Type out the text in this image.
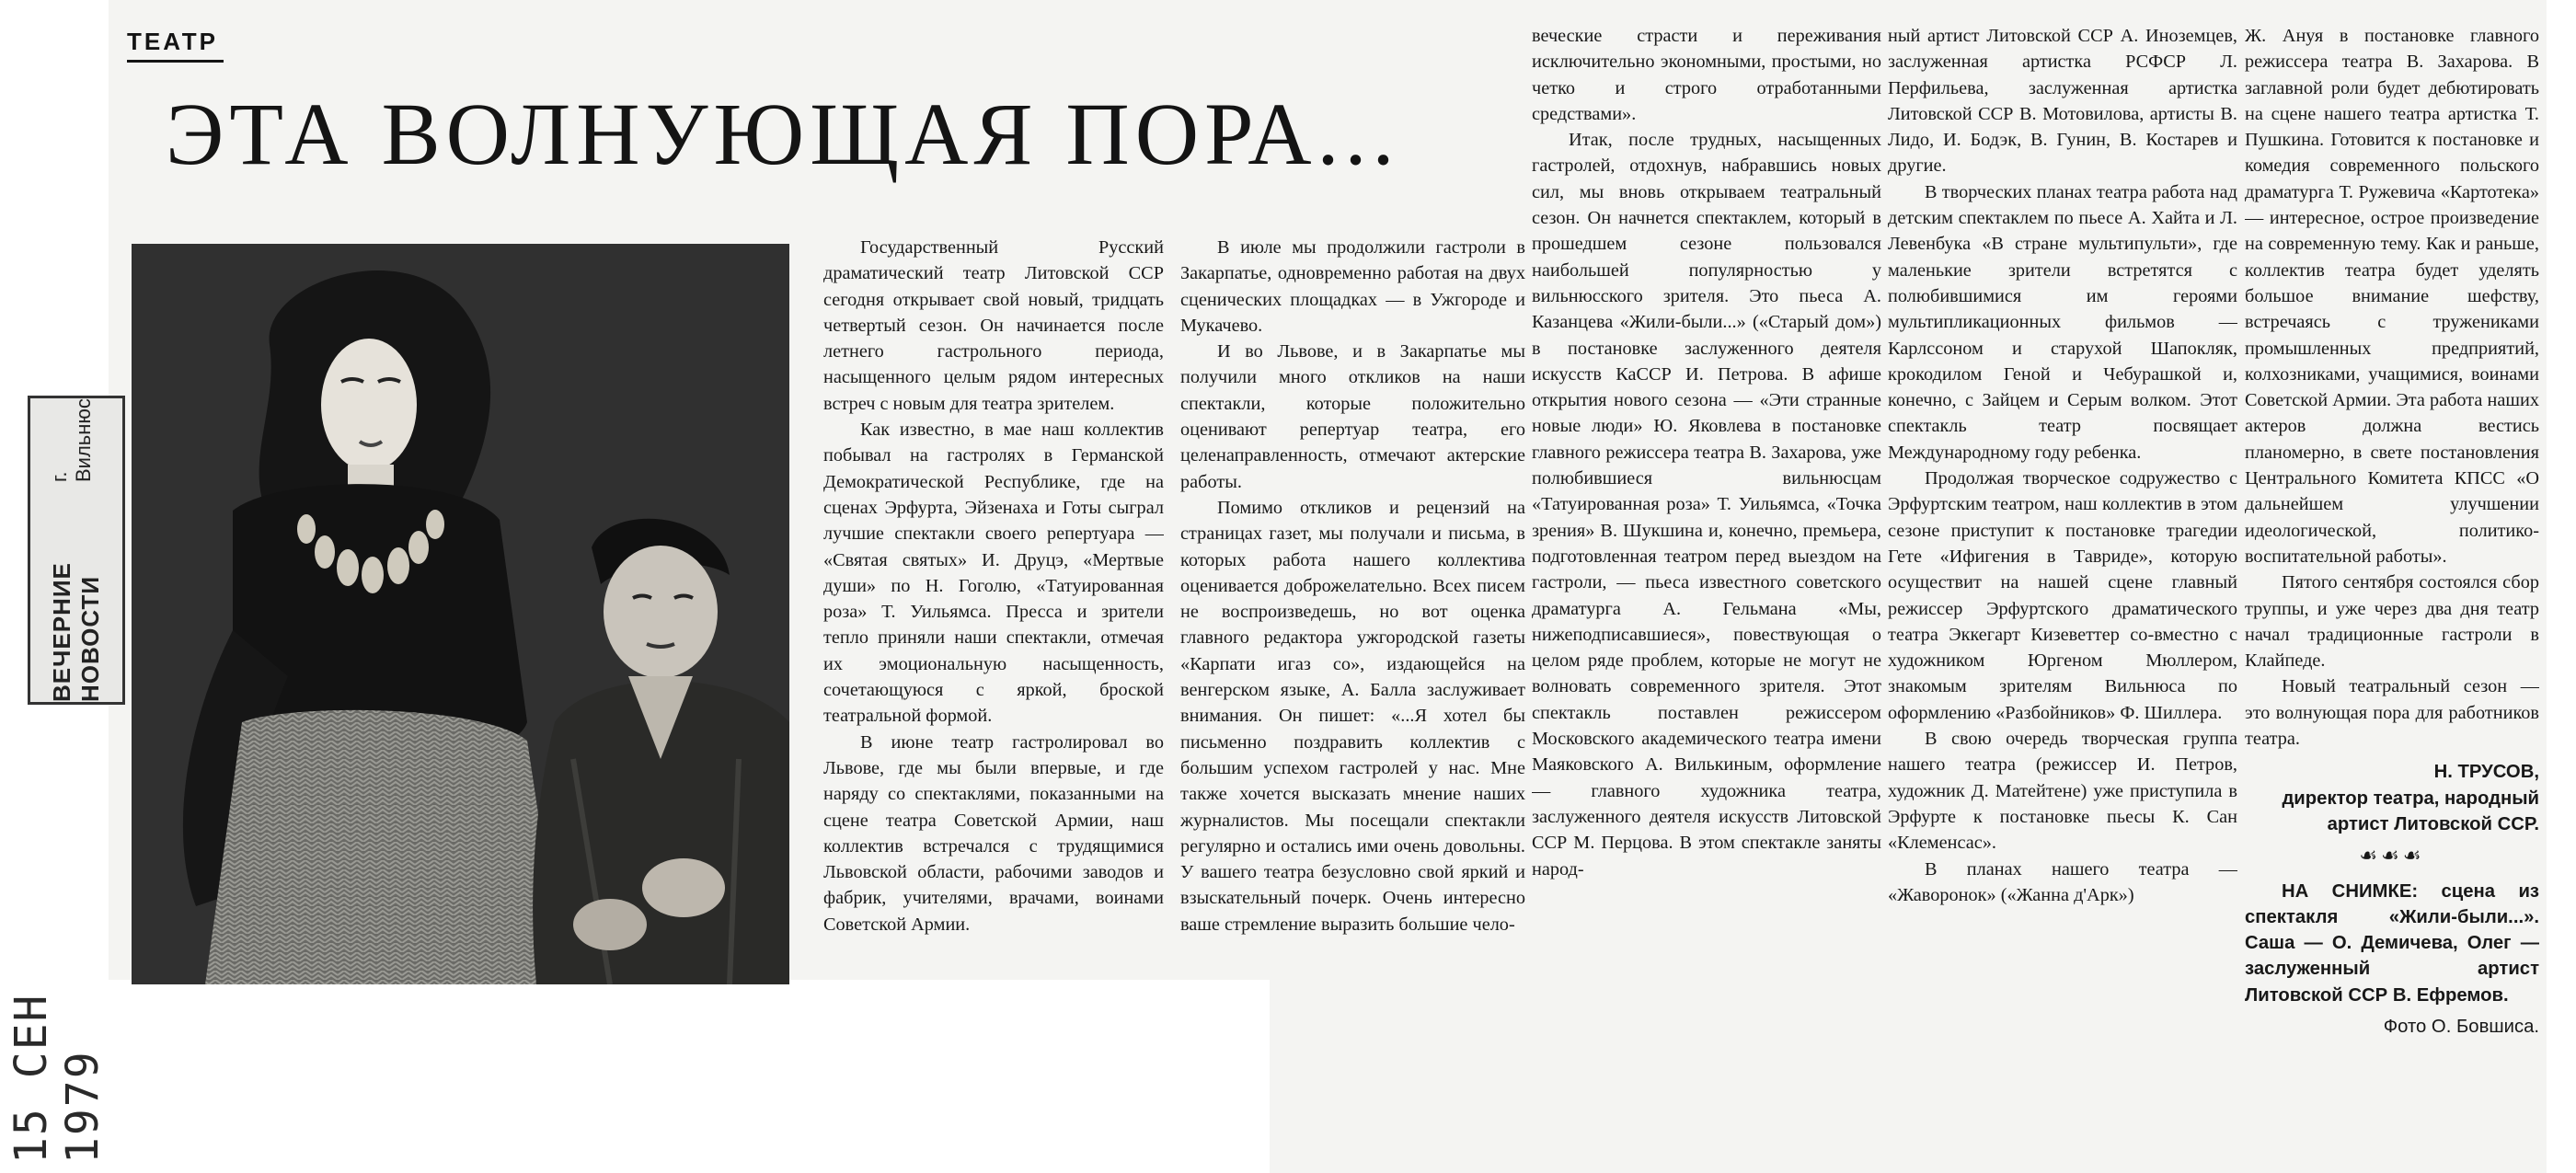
15 СЕН 1979
ВЕЧЕРНИЕ НОВОСТИ
г. Вильнюс
ТЕАТР
ЭТА ВОЛНУЮЩАЯ ПОРА...

Государственный Русский драматический театр Литовской ССР сегодня открывает свой новый, тридцать четвертый сезон. Он начинается после летнего гастрольного периода, насыщенного целым рядом интересных встреч с новым для театра зрителем.

Как известно, в мае наш коллектив побывал на гастролях в Германской Демократической Республике, где на сценах Эрфурта, Эйзенаха и Готы сыграл лучшие спектакли своего репертуара — «Святая святых» И. Друцэ, «Мертвые души» по Н. Гоголю, «Татуированная роза» Т. Уильямса. Пресса и зрители тепло приняли наши спектакли, отмечая их эмоциональную насыщенность, сочетающуюся с яркой, броской театральной формой.

В июне театр гастролировал во Львове, где мы были впервые, и где наряду со спектаклями, показанными на сцене театра Советской Армии, наш коллектив встречался с трудящимися Львовской области, рабочими заводов и фабрик, учителями, врачами, воинами Советской Армии.

В июле мы продолжили гастроли в Закарпатье, одновременно работая на двух сценических площадках — в Ужгороде и Мукачево.

И во Львове, и в Закарпатье мы получили много откликов на наши спектакли, которые положительно оценивают репертуар театра, его целенаправленность, отмечают актерские работы.

Помимо откликов и рецензий на страницах газет, мы получали и письма, в которых работа нашего коллектива оценивается доброжелательно. Всех писем не воспроизведешь, но вот оценка главного редактора ужгородской газеты «Карпати игаз со», издающейся на венгерском языке, А. Балла заслуживает внимания. Он пишет: «...Я хотел бы письменно поздравить коллектив с большим успехом гастролей у нас. Мне также хочется высказать мнение наших журналистов. Мы посещали спектакли регулярно и остались ими очень довольны. У вашего театра безусловно свой яркий и взыскательный почерк. Очень интересно ваше стремление выразить большие чело-

веческие страсти и переживания исключительно экономными, простыми, но четко и строго отработанными средствами».

Итак, после трудных, насыщенных гастролей, отдохнув, набравшись новых сил, мы вновь открываем театральный сезон. Он начнется спектаклем, который в прошедшем сезоне пользовался наибольшей популярностью у вильнюсского зрителя. Это пьеса А. Казанцева «Жили-были...» («Старый дом») в постановке заслуженного деятеля искусств КаССР И. Петрова. В афише открытия нового сезона — «Эти странные новые люди» Ю. Яковлева в постановке главного режиссера театра В. Захарова, уже полюбившиеся вильнюсцам «Татуированная роза» Т. Уильямса, «Точка зрения» В. Шукшина и, конечно, премьера, подготовленная театром перед выездом на гастроли, — пьеса известного советского драматурга А. Гельмана «Мы, нижеподписавшиеся», повествующая о целом ряде проблем, которые не могут не волновать современного зрителя. Этот спектакль поставлен режиссером Московского академического театра имени Маяковского А. Вилькиным, оформление — главного художника театра, заслуженного деятеля искусств Литовской ССР М. Перцова. В этом спектакле заняты народ-

ный артист Литовской ССР А. Иноземцев, заслуженная артистка РСФСР Л. Перфильева, заслуженная артистка Литовской ССР В. Мотовилова, артисты В. Лидо, И. Бодэк, В. Гунин, В. Костарев и другие.

В творческих планах театра работа над детским спектаклем по пьесе А. Хайта и Л. Левенбука «В стране мультипульти», где маленькие зрители встретятся с полюбившимися им героями мультипликационных фильмов — Карлссоном и старухой Шапокляк, крокодилом Геной и Чебурашкой и, конечно, с Зайцем и Серым волком. Этот спектакль театр посвящает Международному году ребенка.

Продолжая творческое содружество с Эрфуртским театром, наш коллектив в этом сезоне приступит к постановке трагедии Гете «Ифигения в Тавриде», которую осуществит на нашей сцене главный режиссер Эрфуртского драматического театра Эккегарт Кизеветтер со-вместно с художником Юргеном Мюллером, знакомым зрителям Вильнюса по оформлению «Разбойников» Ф. Шиллера.

В свою очередь творческая группа нашего театра (режиссер И. Петров, художник Д. Матейтене) уже приступила в Эрфурте к постановке пьесы К. Сан «Клеменсас».

В планах нашего театра — «Жаворонок» («Жанна д'Арк»)

Ж. Ануя в постановке главного режиссера театра В. Захарова. В заглавной роли будет дебютировать на сцене нашего театра артистка Т. Пушкина. Готовится к постановке и комедия современного польского драматурга Т. Ружевича «Картотека» — интересное, острое произведение на современную тему. Как и раньше, коллектив театра будет уделять большое внимание шефству, встречаясь с тружениками промышленных предприятий, колхозниками, учащимися, воинами Советской Армии. Эта работа наших актеров должна вестись планомерно, в свете постановления Центрального Комитета КПСС «О дальнейшем улучшении идеологической, политико-воспитательной работы».

Пятого сентября состоялся сбор труппы, и уже через два дня театр начал традиционные гастроли в Клайпеде.

Новый театральный сезон — это волнующая пора для работников театра.

Н. ТРУСОВ,

директор театра, народный артист Литовской ССР.

☙☙☙

НА СНИМКЕ: сцена из спектакля «Жили-были...». Саша — О. Демичева, Олег — заслуженный артист Литовской ССР В. Ефремов.

Фото О. Бовшиса.
